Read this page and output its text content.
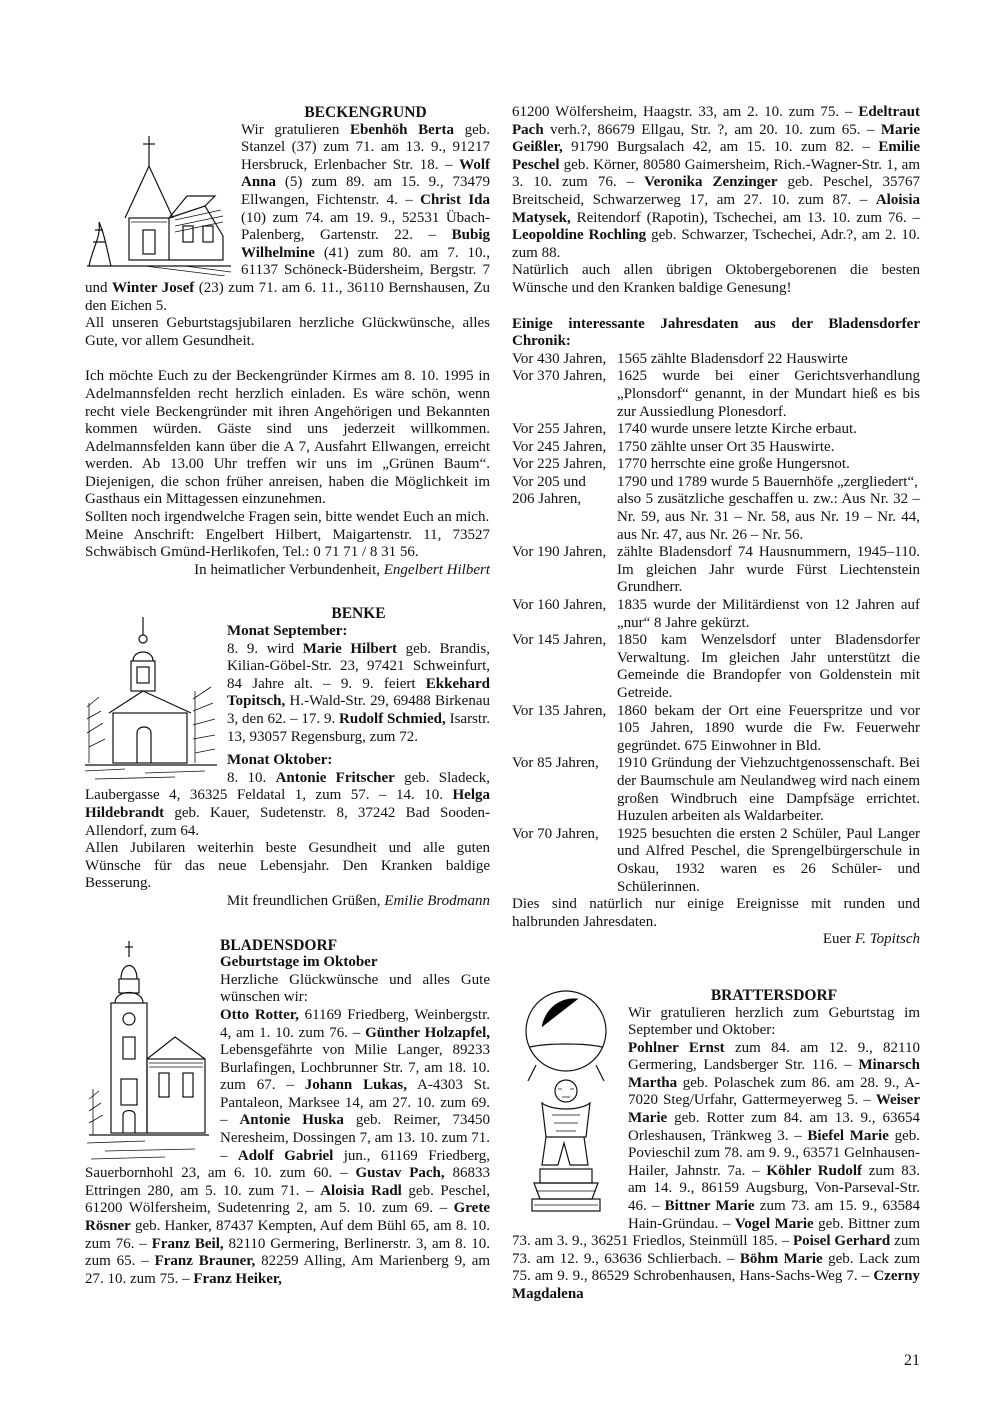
BECKENGRUND

Wir gratulieren Ebenhöh Berta geb. Stanzel (37) zum 71. am 13. 9., 91217 Hersbruck, Erlenbacher Str. 18. – Wolf Anna (5) zum 89. am 15. 9., 73479 Ellwangen, Fichtenstr. 4. – Christ Ida (10) zum 74. am 19. 9., 52531 Übach-Palenberg, Gartenstr. 22. – Bubig Wilhelmine (41) zum 80. am 7. 10., 61137 Schöneck-Büdersheim, Bergstr. 7 und Winter Josef (23) zum 71. am 6. 11., 36110 Bernshausen, Zu den Eichen 5.

All unseren Geburtstagsjubilaren herzliche Glückwünsche, alles Gute, vor allem Gesundheit.

Ich möchte Euch zu der Beckengründer Kirmes am 8. 10. 1995 in Adelmannsfelden recht herzlich einladen. Es wäre schön, wenn recht viele Beckengründer mit ihren Angehörigen und Bekannten kommen würden. Gäste sind uns jederzeit willkommen. Adelmannsfelden kann über die A 7, Ausfahrt Ellwangen, erreicht werden. Ab 13.00 Uhr treffen wir uns im „Grünen Baum“. Diejenigen, die schon früher anreisen, haben die Möglichkeit im Gasthaus ein Mittagessen einzunehmen.

Sollten noch irgendwelche Fragen sein, bitte wendet Euch an mich.

Meine Anschrift: Engelbert Hilbert, Maigartenstr. 11, 73527 Schwäbisch Gmünd-Herlikofen, Tel.: 0 71 71 / 8 31 56.

In heimatlicher Verbundenheit, Engelbert Hilbert

BENKE

Monat September:

8. 9. wird Marie Hilbert geb. Brandis, Kilian-Göbel-Str. 23, 97421 Schweinfurt, 84 Jahre alt. – 9. 9. feiert Ekkehard Topitsch, H.-Wald-Str. 29, 69488 Birkenau 3, den 62. – 17. 9. Rudolf Schmied, Isarstr. 13, 93057 Regensburg, zum 72.

Monat Oktober:

8. 10. Antonie Fritscher geb. Sladeck, Laubergasse 4, 36325 Feldatal 1, zum 57. – 14. 10. Helga Hildebrandt geb. Kauer, Sudetenstr. 8, 37242 Bad Sooden-Allendorf, zum 64.

Allen Jubilaren weiterhin beste Gesundheit und alle guten Wünsche für das neue Lebensjahr. Den Kranken baldige Besserung.

Mit freundlichen Grüßen, Emilie Brodmann

BLADENSDORF

Geburtstage im Oktober

Herzliche Glückwünsche und alles Gute wünschen wir:

Otto Rotter, 61169 Friedberg, Weinbergstr. 4, am 1. 10. zum 76. – Günther Holzapfel, Lebensgefährte von Milie Langer, 89233 Burlafingen, Lochbrunner Str. 7, am 18. 10. zum 67. – Johann Lukas, A-4303 St. Pantaleon, Marksee 14, am 27. 10. zum 69. – Antonie Huska geb. Reimer, 73450 Neresheim, Dossingen 7, am 13. 10. zum 71. – Adolf Gabriel jun., 61169 Friedberg, Sauerbornhohl 23, am 6. 10. zum 60. – Gustav Pach, 86833 Ettringen 280, am 5. 10. zum 71. – Aloisia Radl geb. Peschel, 61200 Wölfersheim, Sudetenring 2, am 5. 10. zum 69. – Grete Rösner geb. Hanker, 87437 Kempten, Auf dem Bühl 65, am 8. 10. zum 76. – Franz Beil, 82110 Germering, Berlinerstr. 3, am 8. 10. zum 65. – Franz Brauner, 82259 Alling, Am Marienberg 9, am 27. 10. zum 75. – Franz Heiker,

61200 Wölfersheim, Haagstr. 33, am 2. 10. zum 75. – Edeltraut Pach verh.?, 86679 Ellgau, Str. ?, am 20. 10. zum 65. – Marie Geißler, 91790 Burgsalach 42, am 15. 10. zum 82. – Emilie Peschel geb. Körner, 80580 Gaimersheim, Rich.-Wagner-Str. 1, am 3. 10. zum 76. – Veronika Zenzinger geb. Peschel, 35767 Breitscheid, Schwarzerweg 17, am 27. 10. zum 87. – Aloisia Matysek, Reitendorf (Rapotin), Tschechei, am 13. 10. zum 76. – Leopoldine Rochling geb. Schwarzer, Tschechei, Adr.?, am 2. 10. zum 88.

Natürlich auch allen übrigen Oktobergeborenen die besten Wünsche und den Kranken baldige Genesung!

Einige interessante Jahresdaten aus der Bladensdorfer Chronik:

Vor 430 Jahren, 1565 zählte Bladensdorf 22 Hauswirte
Vor 370 Jahren, 1625 wurde bei einer Gerichtsverhandlung „Plonsdorf“ genannt, in der Mundart hieß es bis zur Aussiedlung Plonesdorf.
Vor 255 Jahren, 1740 wurde unsere letzte Kirche erbaut.
Vor 245 Jahren, 1750 zählte unser Ort 35 Hauswirte.
Vor 225 Jahren, 1770 herrschte eine große Hungersnot.
Vor 205 und	1790 und 1789 wurde 5 Bauernhöfe „zergliedert“,
206 Jahren,	also 5 zusätzliche geschaffen u. zw.: Aus Nr. 32 – Nr. 59, aus Nr. 31 – Nr. 58, aus Nr. 19 – Nr. 44, aus Nr. 47, aus Nr. 26 – Nr. 56.
Vor 190 Jahren, zählte Bladensdorf 74 Hausnummern, 1945–110. Im gleichen Jahr wurde Fürst Liechtenstein Grundherr.
Vor 160 Jahren, 1835 wurde der Militärdienst von 12 Jahren auf „nur“ 8 Jahre gekürzt.
Vor 145 Jahren, 1850 kam Wenzelsdorf unter Bladensdorfer Verwaltung. Im gleichen Jahr unterstützt die Gemeinde die Brandopfer von Goldenstein mit Getreide.
Vor 135 Jahren, 1860 bekam der Ort eine Feuerspritze und vor 105 Jahren, 1890 wurde die Fw. Feuerwehr gegründet. 675 Einwohner in Bld.
Vor 85 Jahren,	1910 Gründung der Viehzuchtgenossenschaft. Bei der Baumschule am Neulandweg wird nach einem großen Windbruch eine Dampfsäge errichtet. Huzulen arbeiten als Waldarbeiter.
Vor 70 Jahren,	1925 besuchten die ersten 2 Schüler, Paul Langer und Alfred Peschel, die Sprengelbürgerschule in Oskau, 1932 waren es 26 Schüler- und Schülerinnen.

Dies sind natürlich nur einige Ereignisse mit runden und halbrunden Jahresdaten.

Euer F. Topitsch

BRATTERSDORF

Wir gratulieren herzlich zum Geburtstag im September und Oktober:

Pohlner Ernst zum 84. am 12. 9., 82110 Germering, Landsberger Str. 116. – Minarsch Martha geb. Polaschek zum 86. am 28. 9., A-7020 Steg/Urfahr, Gattermeyerweg 5. – Weiser Marie geb. Rotter zum 84. am 13. 9., 63654 Orleshausen, Tränkweg 3. – Biefel Marie geb. Povieschil zum 78. am 9. 9., 63571 Gelnhausen-Hailer, Jahnstr. 7a. – Köhler Rudolf zum 83. am 14. 9., 86159 Augsburg, Von-Parseval-Str. 46. – Bittner Marie zum 73. am 15. 9., 63584 Hain-Gründau. – Vogel Marie geb. Bittner zum 73. am 3. 9., 36251 Friedlos, Steinmüll 185. – Poisel Gerhard zum 73. am 12. 9., 63636 Schlierbach. – Böhm Marie geb. Lack zum 75. am 9. 9., 86529 Schrobenhausen, Hans-Sachs-Weg 7. – Czerny Magdalena

21
